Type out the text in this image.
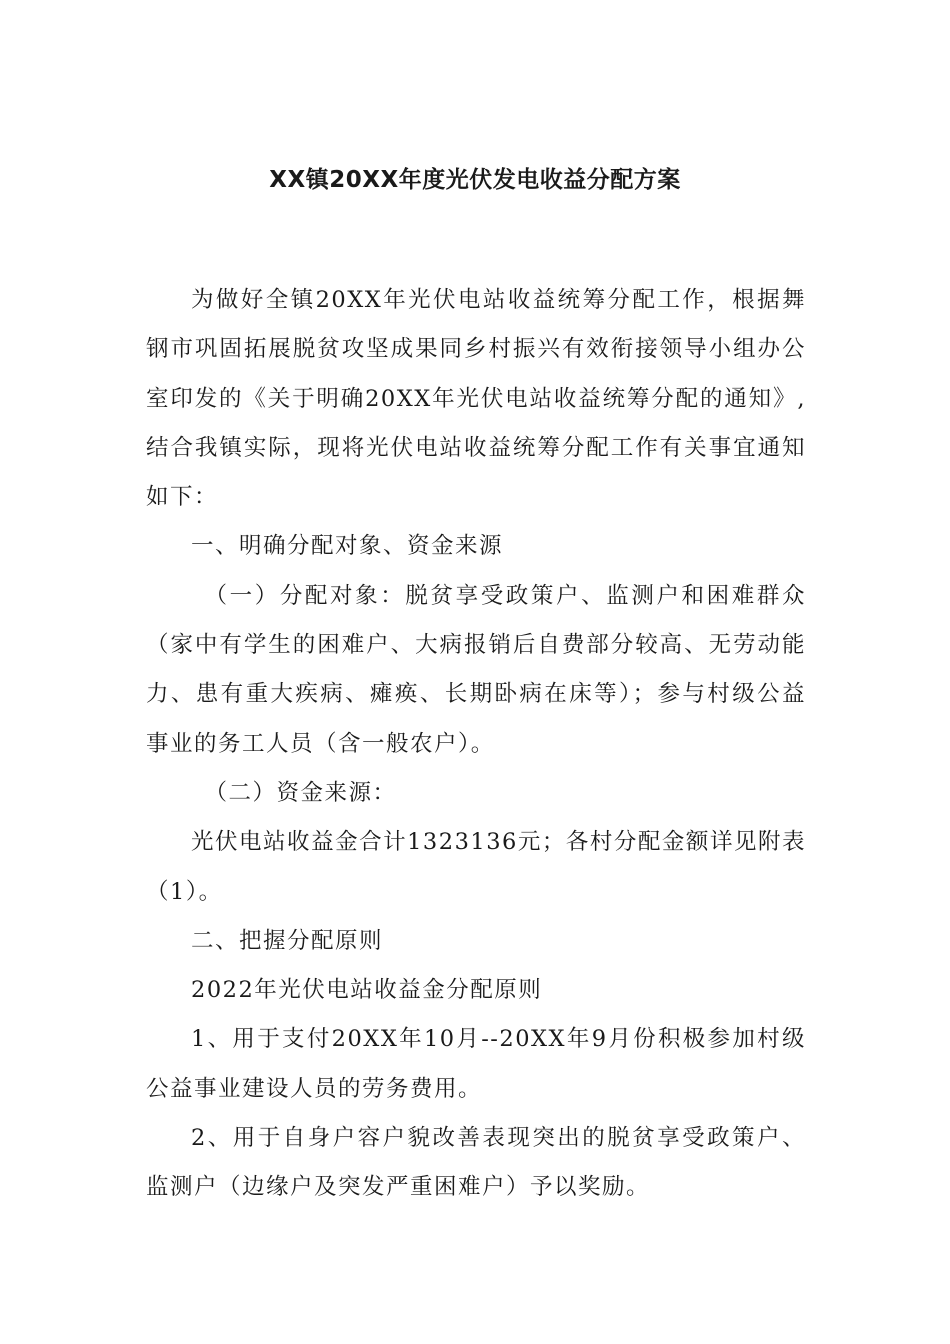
XX镇20XX年度光伏发电收益分配方案

为做好全镇20XX年光伏电站收益统筹分配工作，根据舞钢市巩固拓展脱贫攻坚成果同乡村振兴有效衔接领导小组办公室印发的《关于明确20XX年光伏电站收益统筹分配的通知》,结合我镇实际，现将光伏电站收益统筹分配工作有关事宜通知如下：

一、明确分配对象、资金来源

（一）分配对象：脱贫享受政策户、监测户和困难群众（家中有学生的困难户、大病报销后自费部分较高、无劳动能力、患有重大疾病、瘫痪、长期卧病在床等）；参与村级公益事业的务工人员（含一般农户）。

（二）资金来源：

光伏电站收益金合计1323136元；各村分配金额详见附表（1）。

二、把握分配原则

2022年光伏电站收益金分配原则

1、用于支付20XX年10月--20XX年9月份积极参加村级公益事业建设人员的劳务费用。

2、用于自身户容户貌改善表现突出的脱贫享受政策户、监测户（边缘户及突发严重困难户）予以奖励。
